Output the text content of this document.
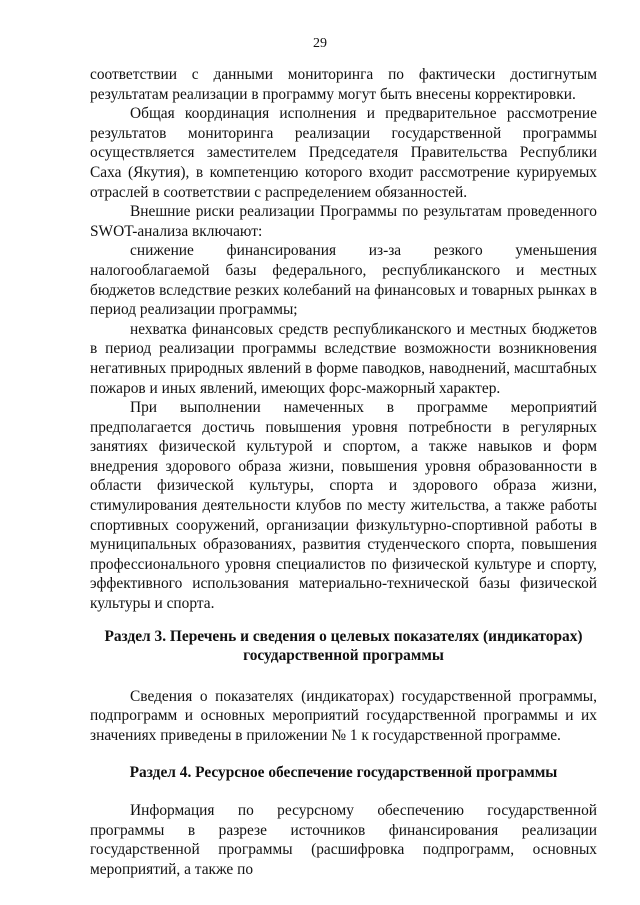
29

соответствии с данными мониторинга по фактически достигнутым результатам реализации в программу могут быть внесены корректировки.

Общая координация исполнения и предварительное рассмотрение результатов мониторинга реализации государственной программы осуществляется заместителем Председателя Правительства Республики Саха (Якутия), в компетенцию которого входит рассмотрение курируемых отраслей в соответствии с распределением обязанностей.

Внешние риски реализации Программы по результатам проведенного SWOT-анализа включают:

снижение финансирования из-за резкого уменьшения налогооблагаемой базы федерального, республиканского и местных бюджетов вследствие резких колебаний на финансовых и товарных рынках в период реализации программы;

нехватка финансовых средств республиканского и местных бюджетов в период реализации программы вследствие возможности возникновения негативных природных явлений в форме паводков, наводнений, масштабных пожаров и иных явлений, имеющих форс-мажорный характер.

При выполнении намеченных в программе мероприятий предполагается достичь повышения уровня потребности в регулярных занятиях физической культурой и спортом, а также навыков и форм внедрения здорового образа жизни, повышения уровня образованности в области физической культуры, спорта и здорового образа жизни, стимулирования деятельности клубов по месту жительства, а также работы спортивных сооружений, организации физкультурно-спортивной работы в муниципальных образованиях, развития студенческого спорта, повышения профессионального уровня специалистов по физической культуре и спорту, эффективного использования материально-технической базы физической культуры и спорта.

Раздел 3. Перечень и сведения о целевых показателях (индикаторах)

государственной программы

Сведения о показателях (индикаторах) государственной программы, подпрограмм и основных мероприятий государственной программы и их значениях приведены в приложении № 1 к государственной программе.

Раздел 4. Ресурсное обеспечение государственной программы

Информация по ресурсному обеспечению государственной программы в разрезе источников финансирования реализации государственной программы (расшифровка подпрограмм, основных мероприятий, а также по
